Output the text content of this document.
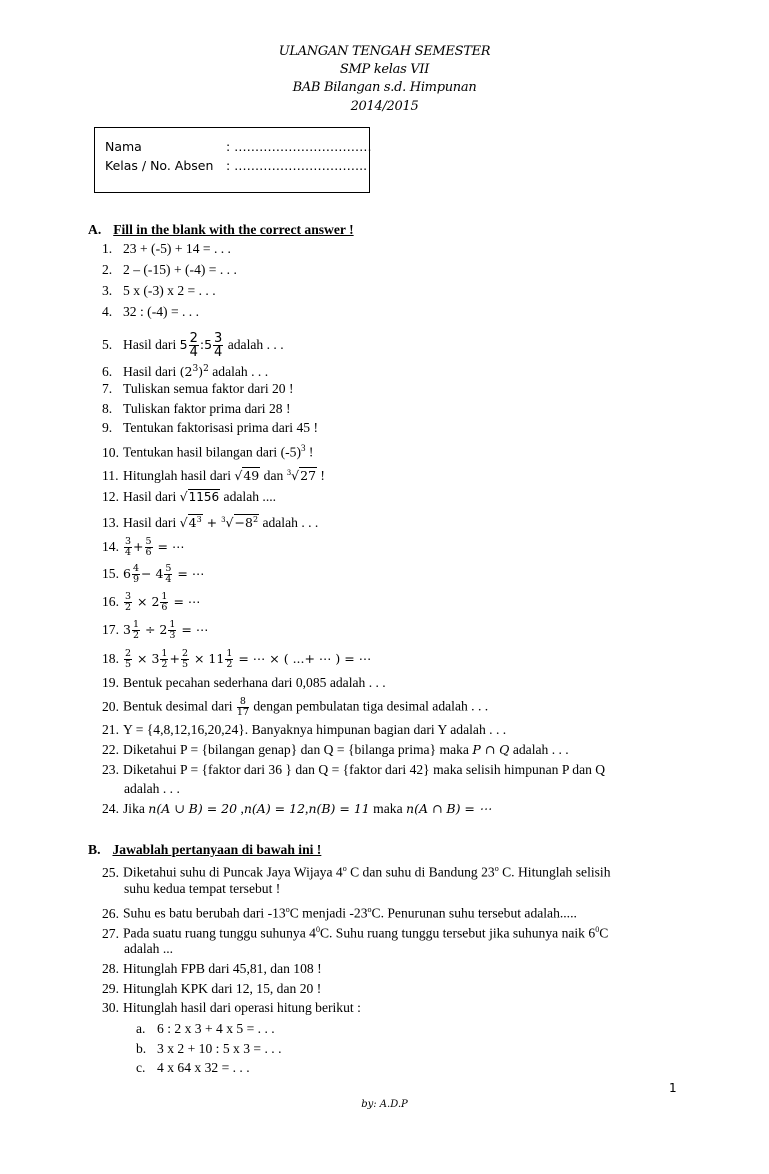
ULANGAN TENGAH SEMESTER
SMP kelas VII
BAB Bilangan s.d. Himpunan
2014/2015
Nama	: ……………………………
Kelas / No. Absen : …………………………..
A. Fill in the blank with the correct answer !
1. 23 + (-5) + 14 = . . .
2. 2 – (-15) + (-4) = . . .
3. 5 x (-3) x 2 = . . .
4. 32 : (-4) = . . .
5. Hasil dari $5 \frac{2}{4}$ :5 $\frac{3}{4}$ adalah . . .
6. Hasil dari $(2^3)^2$ adalah . . .
7. Tuliskan semua faktor dari 20 !
8. Tuliskan faktor prima dari 28 !
9. Tentukan faktorisasi prima dari 45 !
10. Tentukan hasil bilangan dari $(-5)^3$ !
11. Hitunglah hasil dari √49 dan $^3$√27 !
12. Hasil dari √1156 adalah ....
13. Hasil dari $√4^3 + ^3√-8^2$ adalah . . .
14. $\frac{3}{4} + \frac{5}{6}$ = ⋯
15. $6 \frac{4}{9} - 4 \frac{5}{4}$ = ⋯
16. $\frac{3}{2} \times 2 \frac{1}{6}$ = ⋯
17. $3 \frac{1}{2} \div 2 \frac{1}{3}$ = ⋯
18. $\frac{2}{5} \times 3 \frac{1}{2} + \frac{2}{5} \times 11 \frac{1}{2}$ = ⋯ × ( ...+ ⋯ ) = ⋯
19. Bentuk pecahan sederhana dari 0,085 adalah . . .
20. Bentuk desimal dari $\frac{8}{17}$ dengan pembulatan tiga desimal adalah . . .
21. Y = {4,8,12,16,20,24}. Banyaknya himpunan bagian dari Y adalah . . .
22. Diketahui P = {bilangan genap} dan Q = {bilanga prima} maka P ∩ Q adalah . . .
23. Diketahui P = {faktor dari 36 } dan Q = {faktor dari 42} maka selisih himpunan P dan Q
adalah . . .
24. Jika n(A ∪ B) = 20 ,n(A) = 12,n(B) = 11 maka n(A ∩ B) = ⋯
B. Jawablah pertanyaan di bawah ini !
25. Diketahui suhu di Puncak Jaya Wijaya 4$^o$ C dan suhu di Bandung 23$^o$ C. Hitunglah selisih
suhu kedua tempat tersebut !
26. Suhu es batu berubah dari -13$^o$C menjadi -23$^o$C. Penurunan suhu tersebut adalah.....
27. Pada suatu ruang tunggu suhunya $4^0C$. Suhu ruang tunggu tersebut jika suhunya naik $6^0C$
adalah ...
28. Hitunglah FPB dari 45,81, dan 108 !
29. Hitunglah KPK dari 12, 15, dan 20 !
30. Hitunglah hasil dari operasi hitung berikut :
a. 6 : 2 x 3 + 4 x 5 = . . .
b. 3 x 2 + 10 : 5 x 3 = . . .
c. 4 x 64 x 32 = . . .
1
by: A.D.P
